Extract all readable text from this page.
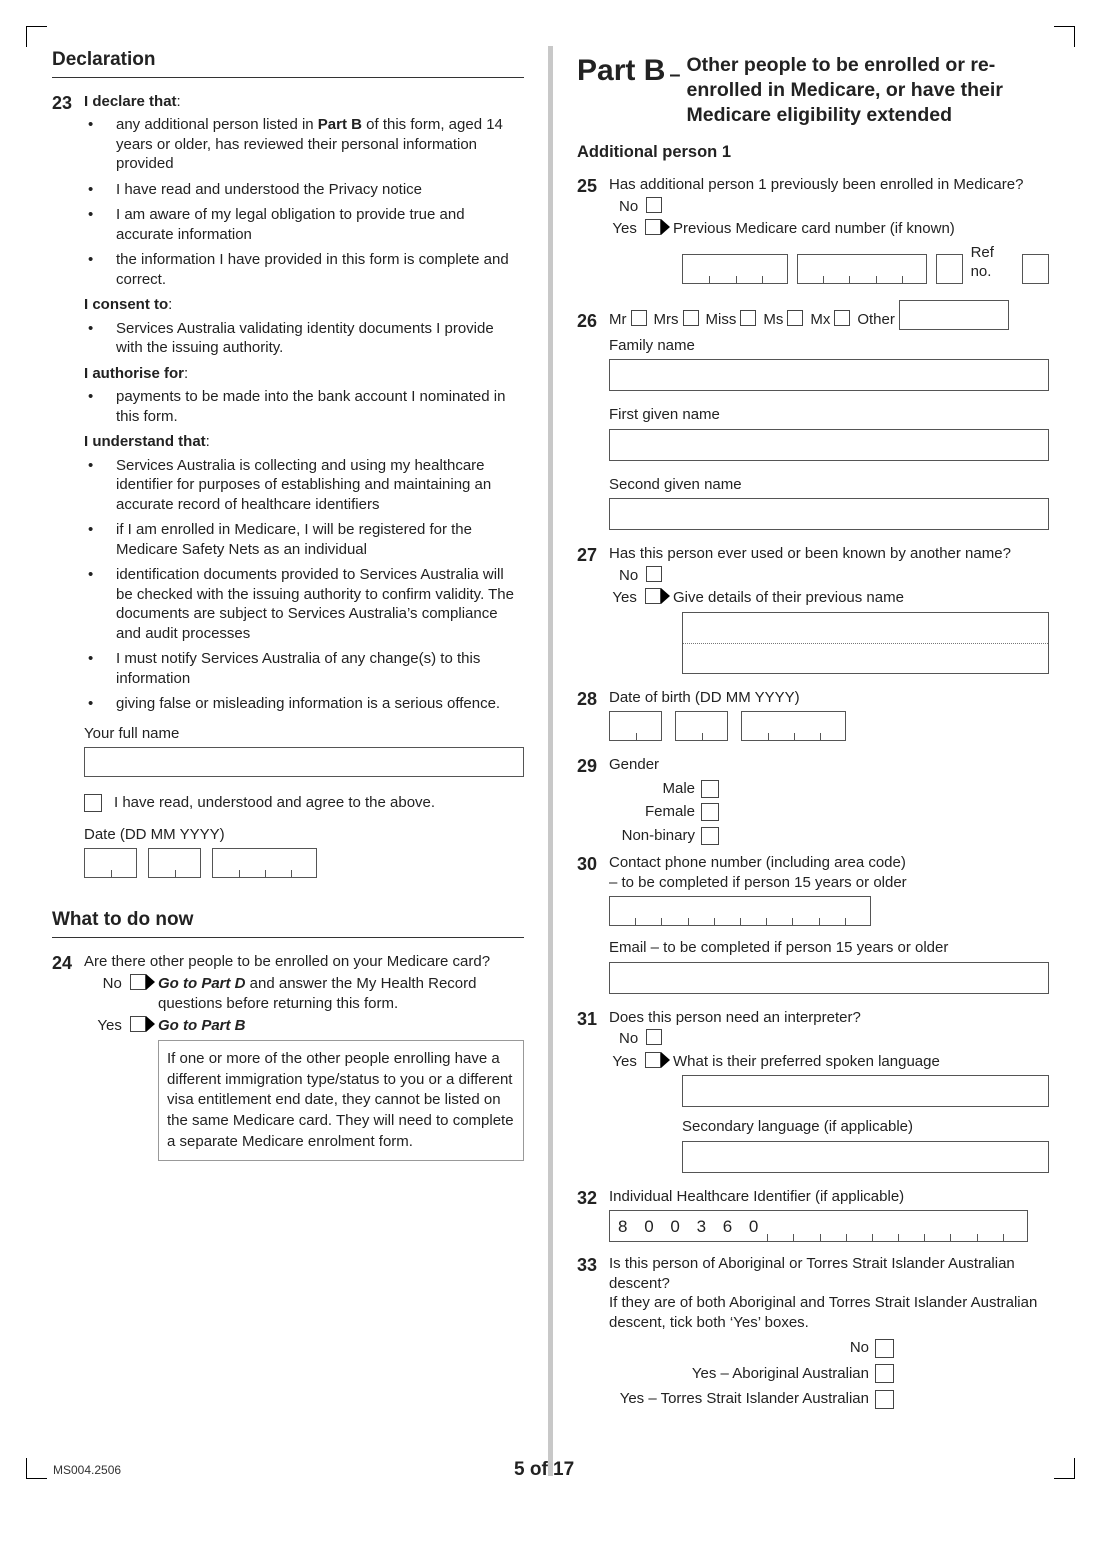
Declaration
23 I declare that:
• any additional person listed in Part B of this form, aged 14 years or older, has reviewed their personal information provided
• I have read and understood the Privacy notice
• I am aware of my legal obligation to provide true and accurate information
• the information I have provided in this form is complete and correct.
I consent to:
• Services Australia validating identity documents I provide with the issuing authority.
I authorise for:
• payments to be made into the bank account I nominated in this form.
I understand that:
• Services Australia is collecting and using my healthcare identifier for purposes of establishing and maintaining an accurate record of healthcare identifiers
• if I am enrolled in Medicare, I will be registered for the Medicare Safety Nets as an individual
• identification documents provided to Services Australia will be checked with the issuing authority to confirm validity. The documents are subject to Services Australia’s compliance and audit processes
• I must notify Services Australia of any change(s) to this information
• giving false or misleading information is a serious offence.
Your full name
I have read, understood and agree to the above.
Date (DD MM YYYY)

What to do now
24 Are there other people to be enrolled on your Medicare card?
No	Go to Part D and answer the My Health Record questions before returning this form.
Yes	Go to Part B
If one or more of the other people enrolling have a different immigration type/status to you or a different visa entitlement end date, they cannot be listed on the same Medicare card. They will need to complete a separate Medicare enrolment form.
Part B – Other people to be enrolled or re-enrolled in Medicare, or have their Medicare eligibility extended
Additional person 1
25 Has additional person 1 previously been enrolled in Medicare?
No
Yes	Previous Medicare card number (if known)
Ref no.
26 Mr	Mrs	Miss	Ms	Mx	Other
Family name
First given name
Second given name
27 Has this person ever used or been known by another name?
No
Yes	Give details of their previous name
28 Date of birth (DD MM YYYY)

29 Gender
Male
Female
Non-binary
30 Contact phone number (including area code)
– to be completed if person 15 years or older
Email – to be completed if person 15 years or older
31 Does this person need an interpreter?
No
Yes	What is their preferred spoken language
Secondary language (if applicable)
32 Individual Healthcare Identifier (if applicable)
8 0 0 3 6 0
33 Is this person of Aboriginal or Torres Strait Islander Australian descent?
If they are of both Aboriginal and Torres Strait Islander Australian descent, tick both ‘Yes’ boxes.
No
Yes – Aboriginal Australian
Yes – Torres Strait Islander Australian
MS004.2506	5 of 17
